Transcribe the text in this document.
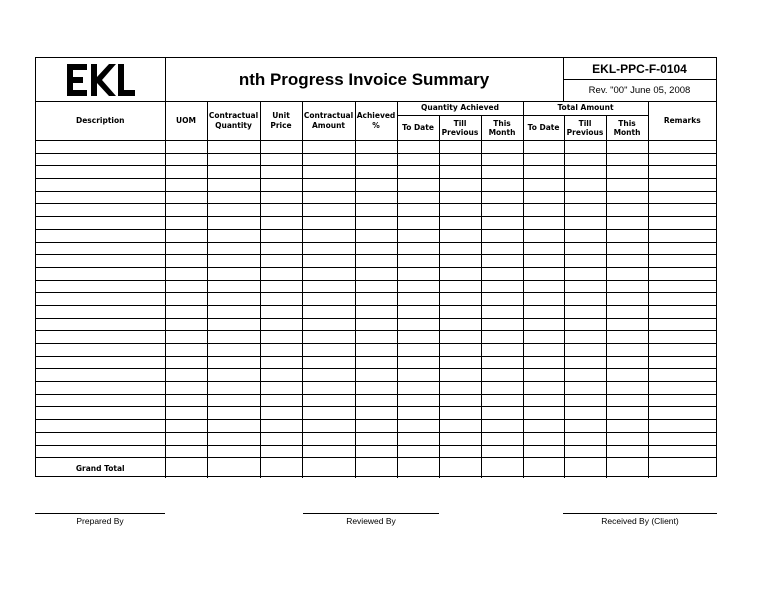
nth Progress Invoice Summary
EKL-PPC-F-0104
Rev. "00" June 05, 2008
Description	UOM	Contractual Quantity	Unit Price	Contractual Amount	Achieved %	Quantity Achieved			Total Amount			Remarks
						To Date	Till Previous	This Month	To Date	Till Previous	This Month	

Grand Total												
Prepared By	Reviewed By	Received By (Client)
